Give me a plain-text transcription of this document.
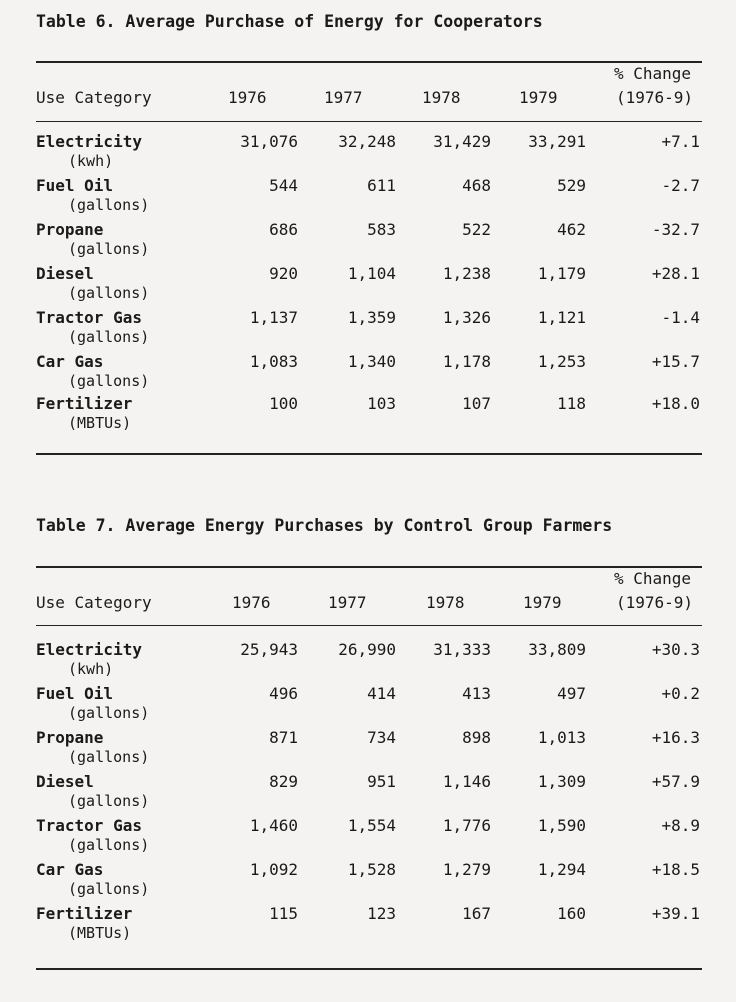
Table 6. Average Purchase of Energy for Cooperators
% Change
Use Category	1976	1977	1978	1979	(1976-9)
Electricity
(kwh)
31,076	32,248	31,429	33,291	+7.1
Fuel Oil
(gallons)
544	611	468	529	-2.7
Propane
(gallons)
686	583	522	462	-32.7
Diesel
(gallons)
920	1,104	1,238	1,179	+28.1
Tractor Gas
(gallons)
1,137	1,359	1,326	1,121	-1.4
Car Gas
(gallons)
1,083	1,340	1,178	1,253	+15.7
Fertilizer
(MBTUs)
100	103	107	118	+18.0
Table 7. Average Energy Purchases by Control Group Farmers
% Change
Use Category	1976	1977	1978	1979	(1976-9)
Electricity
(kwh)
25,943	26,990	31,333	33,809	+30.3
Fuel Oil
(gallons)
496	414	413	497	+0.2
Propane
(gallons)
871	734	898	1,013	+16.3
Diesel
(gallons)
829	951	1,146	1,309	+57.9
Tractor Gas
(gallons)
1,460	1,554	1,776	1,590	+8.9
Car Gas
(gallons)
1,092	1,528	1,279	1,294	+18.5
Fertilizer
(MBTUs)
115	123	167	160	+39.1
